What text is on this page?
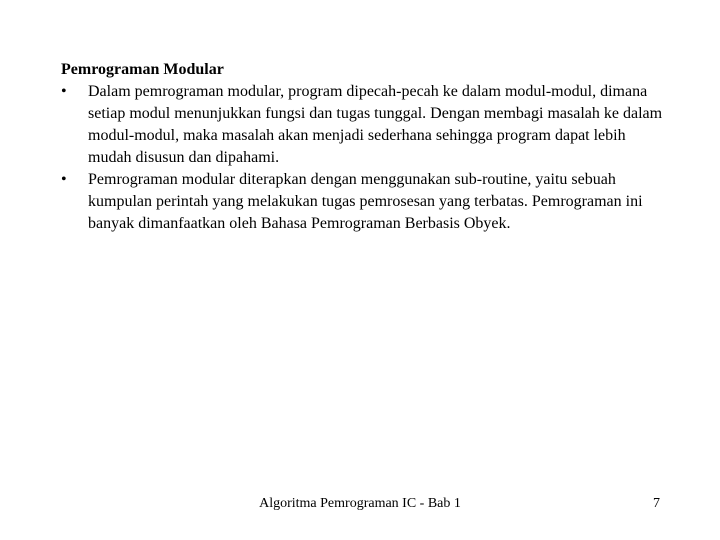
Pemrograman Modular

• Dalam pemrograman modular, program dipecah-pecah ke dalam modul-modul, dimana setiap modul menunjukkan fungsi dan tugas tunggal. Dengan membagi masalah ke dalam modul-modul, maka masalah akan menjadi sederhana sehingga program dapat lebih mudah disusun dan dipahami.
• Pemrograman modular diterapkan dengan menggunakan sub-routine, yaitu sebuah kumpulan perintah yang melakukan tugas pemrosesan yang terbatas. Pemrograman ini banyak dimanfaatkan oleh Bahasa Pemrograman Berbasis Obyek.
Algoritma Pemrograman IC - Bab 1	7
